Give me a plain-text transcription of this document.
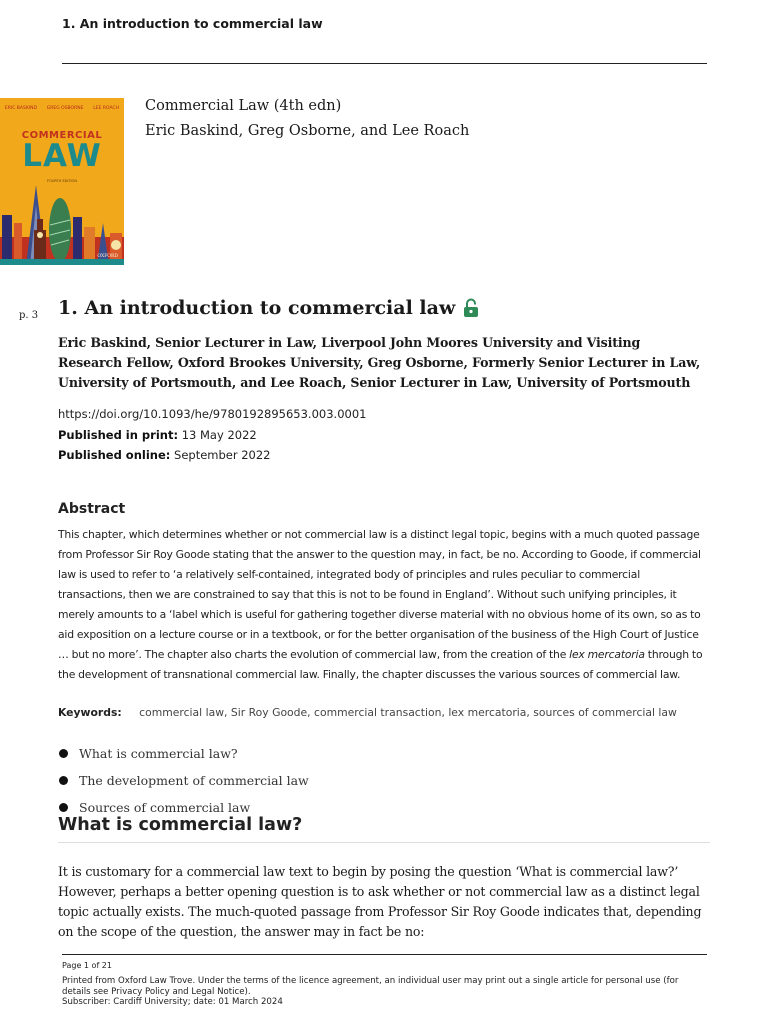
1. An introduction to commercial law
ERIC BASKIND GREG OSBORNE LEE ROACH
COMMERCIAL
LAW
FOURTH EDITION
OXFORD
Commercial Law (4th edn)
Eric Baskind, Greg Osborne, and Lee Roach
p. 3 1. An introduction to commercial law
Eric Baskind, Senior Lecturer in Law, Liverpool John Moores University and Visiting Research Fellow, Oxford Brookes University, Greg Osborne, Formerly Senior Lecturer in Law, University of Portsmouth, and Lee Roach, Senior Lecturer in Law, University of Portsmouth
https://doi.org/10.1093/he/9780192895653.003.0001
Published in print: 13 May 2022
Published online: September 2022
Abstract
This chapter, which determines whether or not commercial law is a distinct legal topic, begins with a much quoted passage from Professor Sir Roy Goode stating that the answer to the question may, in fact, be no. According to Goode, if commercial law is used to refer to ‘a relatively self-contained, integrated body of principles and rules peculiar to commercial transactions, then we are constrained to say that this is not to be found in England’. Without such unifying principles, it merely amounts to a ‘label which is useful for gathering together diverse material with no obvious home of its own, so as to aid exposition on a lecture course or in a textbook, or for the better organisation of the business of the High Court of Justice … but no more’. The chapter also charts the evolution of commercial law, from the creation of the lex mercatoria through to the development of transnational commercial law. Finally, the chapter discusses the various sources of commercial law.
Keywords: commercial law, Sir Roy Goode, commercial transaction, lex mercatoria, sources of commercial law
What is commercial law?
The development of commercial law
Sources of commercial law
What is commercial law?
It is customary for a commercial law text to begin by posing the question ‘What is commercial law?’ However, perhaps a better opening question is to ask whether or not commercial law as a distinct legal topic actually exists. The much-quoted passage from Professor Sir Roy Goode indicates that, depending on the scope of the question, the answer may in fact be no:
Page 1 of 21
Printed from Oxford Law Trove. Under the terms of the licence agreement, an individual user may print out a single article for personal use (for details see Privacy Policy and Legal Notice).
Subscriber: Cardiff University; date: 01 March 2024
